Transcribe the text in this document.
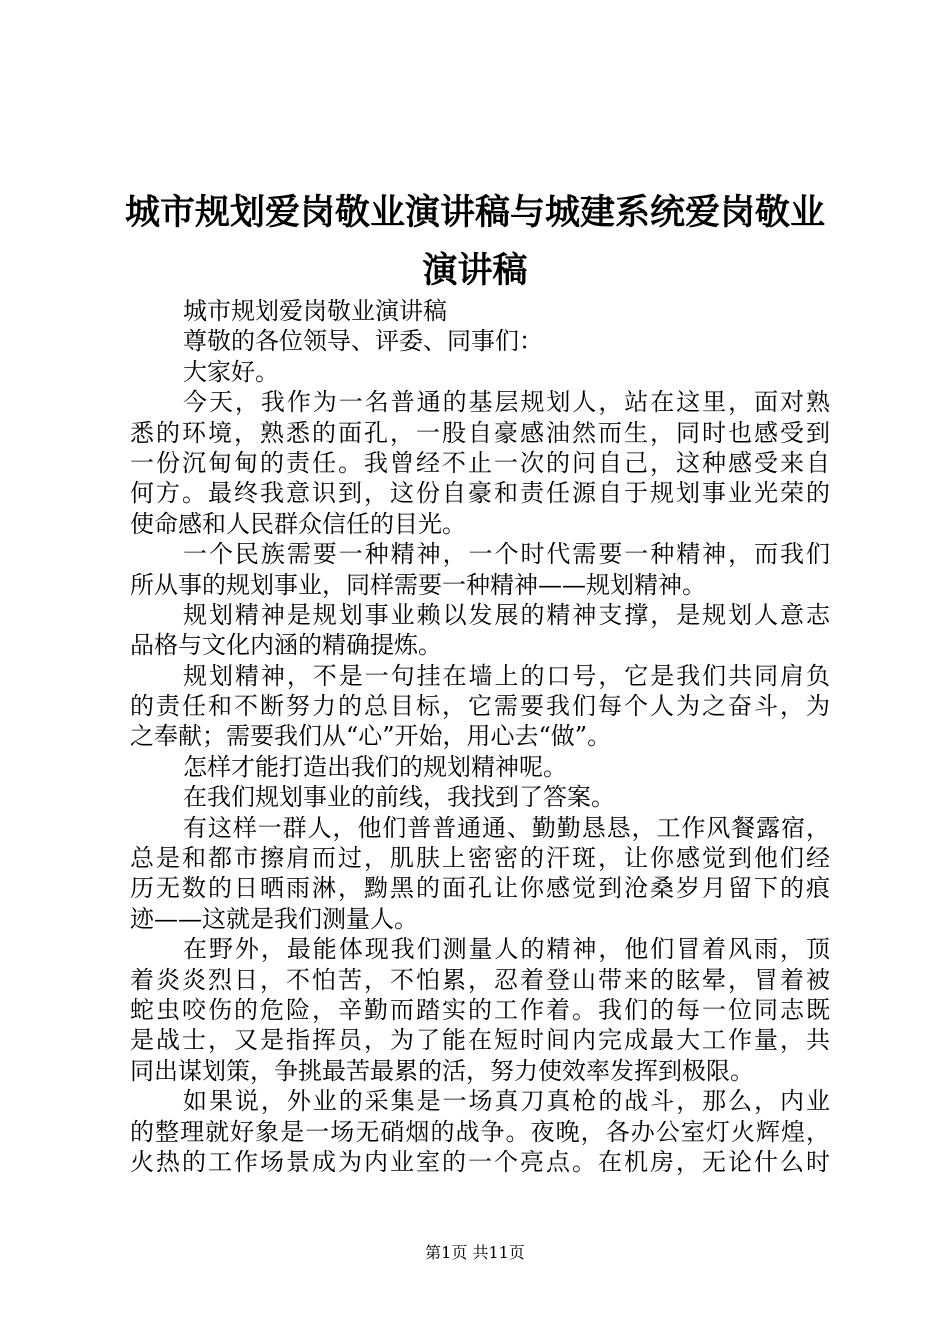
城市规划爱岗敬业演讲稿与城建系统爱岗敬业
演讲稿
城市规划爱岗敬业演讲稿
尊敬的各位领导、评委、同事们：
大家好。
今天，我作为一名普通的基层规划人，站在这里，面对熟
悉的环境，熟悉的面孔，一股自豪感油然而生，同时也感受到
一份沉甸甸的责任。我曾经不止一次的问自己，这种感受来自
何方。最终我意识到，这份自豪和责任源自于规划事业光荣的
使命感和人民群众信任的目光。
一个民族需要一种精神，一个时代需要一种精神，而我们
所从事的规划事业，同样需要一种精神——规划精神。
规划精神是规划事业赖以发展的精神支撑，是规划人意志
品格与文化内涵的精确提炼。
规划精神，不是一句挂在墙上的口号，它是我们共同肩负
的责任和不断努力的总目标，它需要我们每个人为之奋斗，为
之奉献；需要我们从“心”开始，用心去“做”。
怎样才能打造出我们的规划精神呢。
在我们规划事业的前线，我找到了答案。
有这样一群人，他们普普通通、勤勤恳恳，工作风餐露宿，
总是和都市擦肩而过，肌肤上密密的汗斑，让你感觉到他们经
历无数的日晒雨淋，黝黑的面孔让你感觉到沧桑岁月留下的痕
迹——这就是我们测量人。
在野外，最能体现我们测量人的精神，他们冒着风雨，顶
着炎炎烈日，不怕苦，不怕累，忍着登山带来的眩晕，冒着被
蛇虫咬伤的危险，辛勤而踏实的工作着。我们的每一位同志既
是战士，又是指挥员，为了能在短时间内完成最大工作量，共
同出谋划策，争挑最苦最累的活，努力使效率发挥到极限。
如果说，外业的采集是一场真刀真枪的战斗，那么，内业
的整理就好象是一场无硝烟的战争。夜晚，各办公室灯火辉煌，
火热的工作场景成为内业室的一个亮点。在机房，无论什么时
第1页 共11页
